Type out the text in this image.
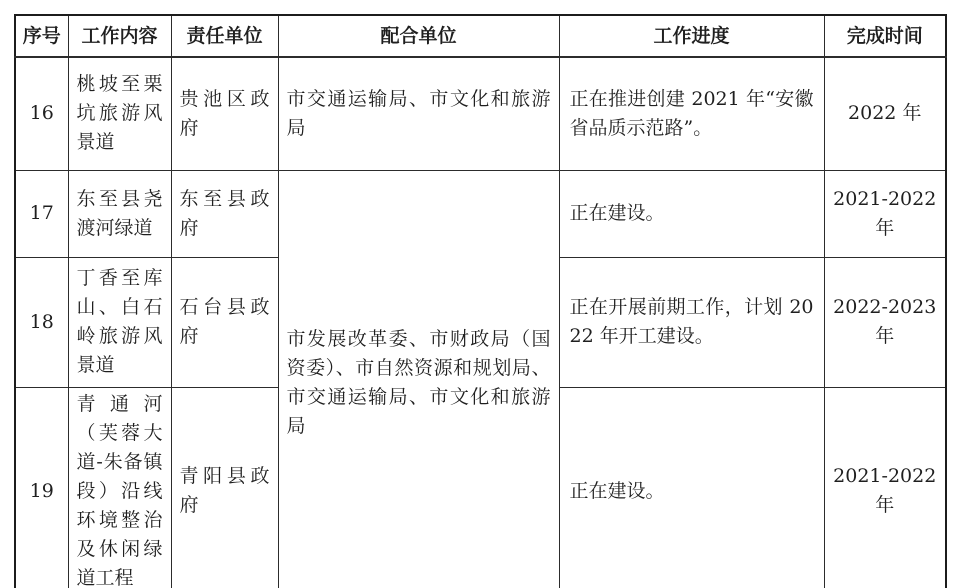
序号	工作内容	责任单位	配合单位	工作进度	完成时间
16	桃坡至栗坑旅游风景道	贵池区政府	市交通运输局、市文化和旅游局	正在推进创建 2021 年“安徽省品质示范路”。	2022 年
17	东至县尧渡河绿道	东至县政府	市发展改革委、市财政局（国资委）、市自然资源和规划局、市交通运输局、市文化和旅游局	正在建设。	2021-2022 年
18	丁香至库山、白石岭旅游风景道	石台县政府		正在开展前期工作，计划 2022 年开工建设。	2022-2023 年
19	青通河（芙蓉大道-朱备镇段）沿线环境整治及休闲绿道工程	青阳县政府		正在建设。	2021-2022 年
